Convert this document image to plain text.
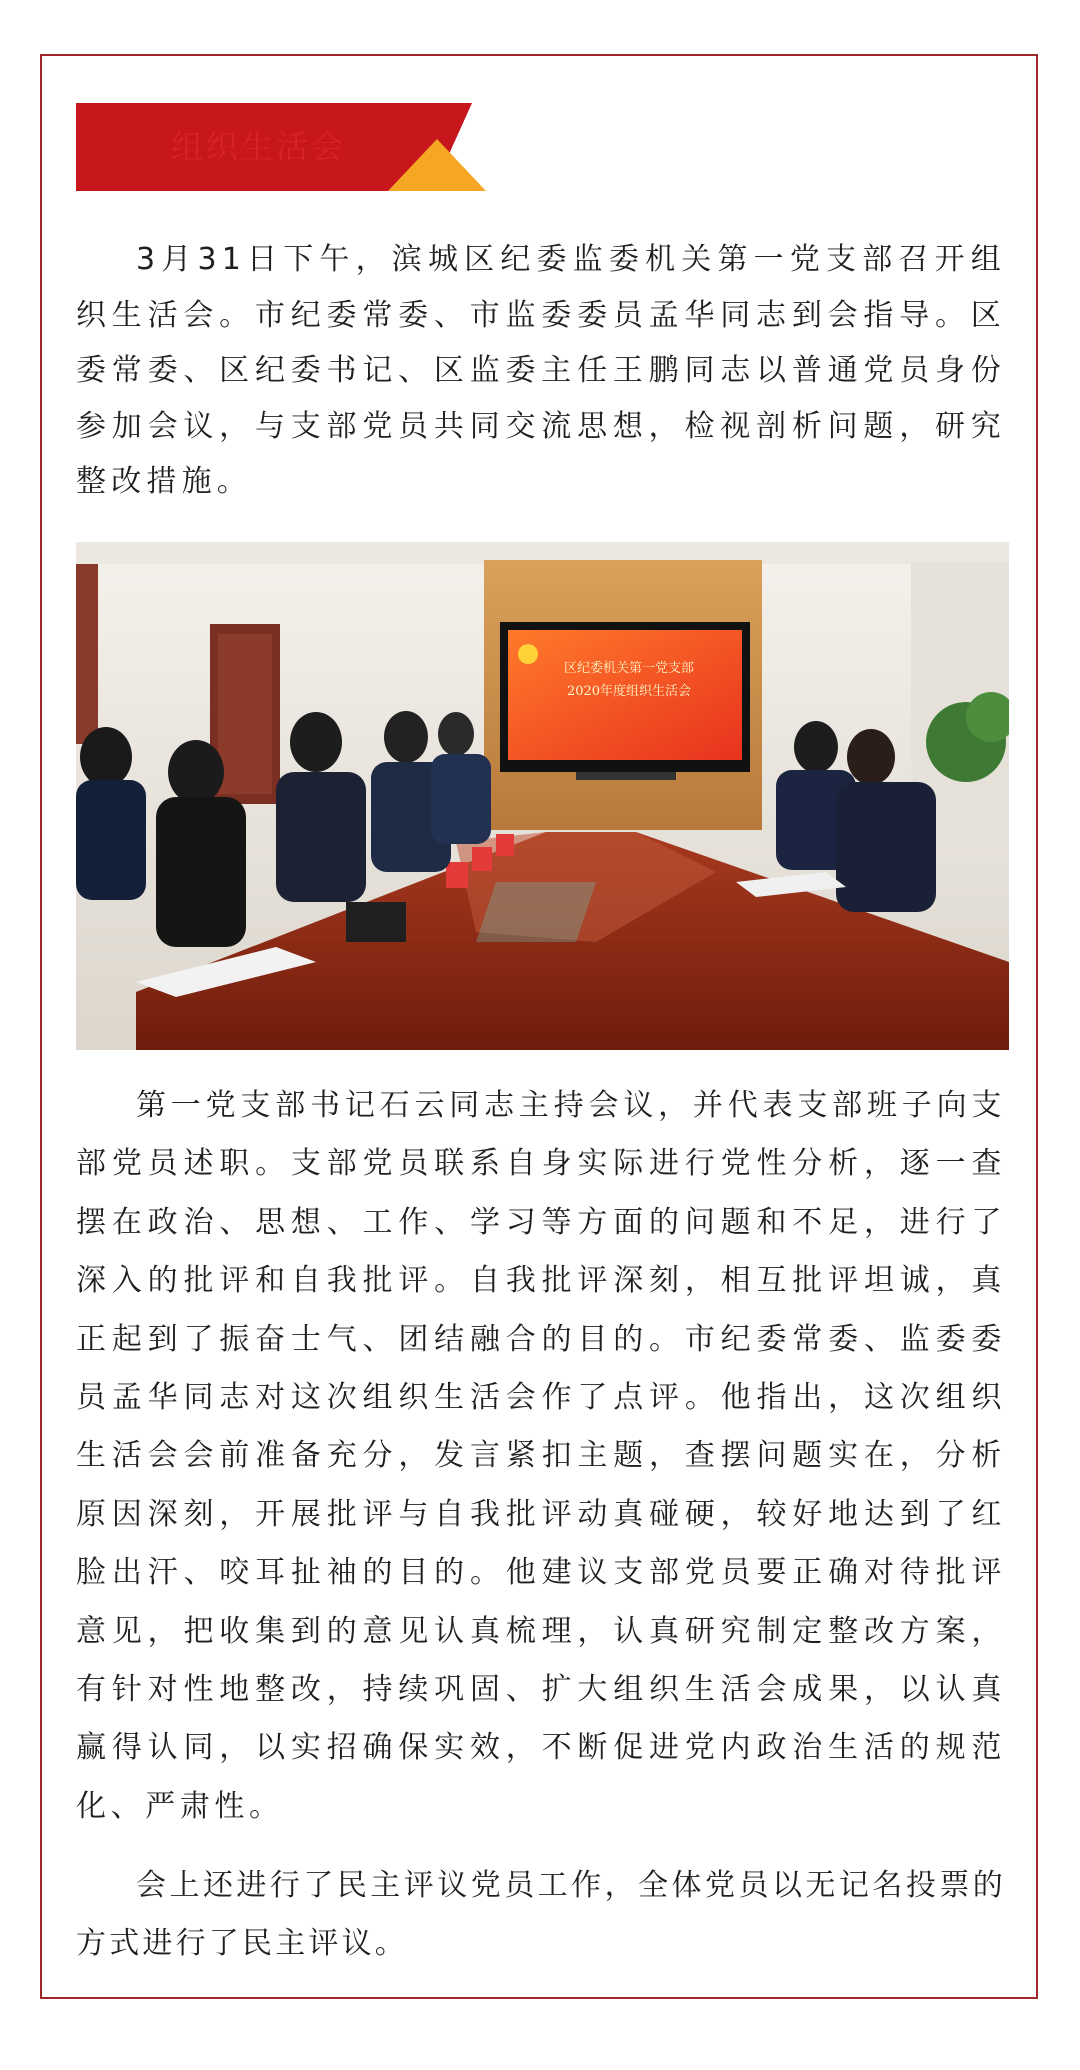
组织生活会

3月31日下午，滨城区纪委监委机关第一党支部召开组织生活会。市纪委常委、市监委委员孟华同志到会指导。区委常委、区纪委书记、区监委主任王鹏同志以普通党员身份参加会议，与支部党员共同交流思想，检视剖析问题，研究整改措施。

区纪委机关第一党支部
2020年度组织生活会

第一党支部书记石云同志主持会议，并代表支部班子向支部党员述职。支部党员联系自身实际进行党性分析，逐一查摆在政治、思想、工作、学习等方面的问题和不足，进行了深入的批评和自我批评。自我批评深刻，相互批评坦诚，真正起到了振奋士气、团结融合的目的。市纪委常委、监委委员孟华同志对这次组织生活会作了点评。他指出，这次组织生活会会前准备充分，发言紧扣主题，查摆问题实在，分析原因深刻，开展批评与自我批评动真碰硬，较好地达到了红脸出汗、咬耳扯袖的目的。他建议支部党员要正确对待批评意见，把收集到的意见认真梳理，认真研究制定整改方案，有针对性地整改，持续巩固、扩大组织生活会成果，以认真赢得认同，以实招确保实效，不断促进党内政治生活的规范化、严肃性。

会上还进行了民主评议党员工作，全体党员以无记名投票的方式进行了民主评议。
